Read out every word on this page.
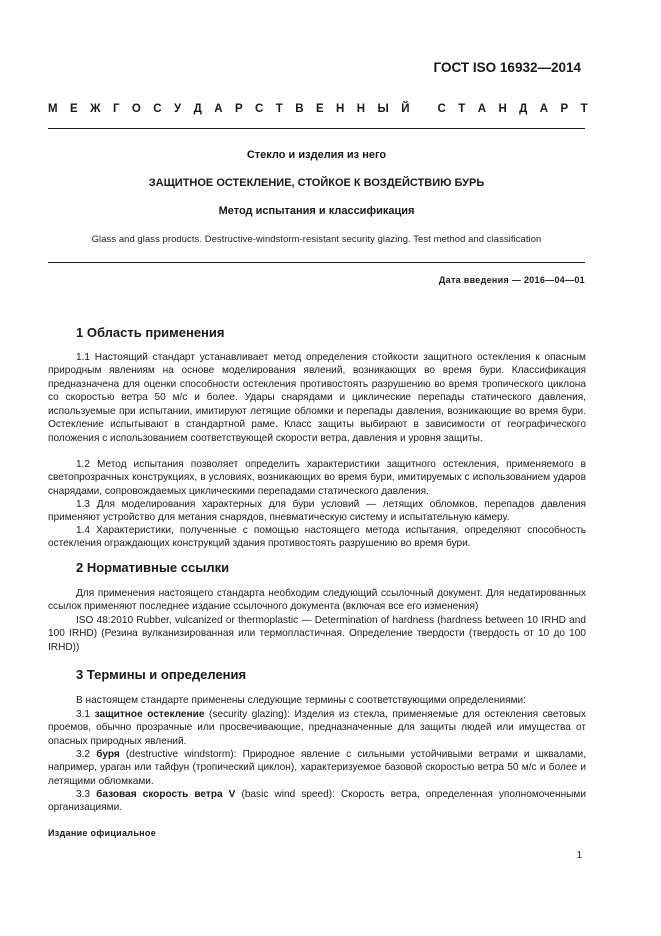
ГОСТ ISO 16932—2014
М Е Ж Г О С У Д А Р С Т В Е Н Н Ы Й
С Т А Н Д А Р Т
Стекло и изделия из него
ЗАЩИТНОЕ ОСТЕКЛЕНИЕ, СТОЙКОЕ К ВОЗДЕЙСТВИЮ БУРЬ
Метод испытания и классификация
Glass and glass products. Destructive-windstorm-resistant security glazing. Test method and classification
Дата введения — 2016—04—01
1 Область применения
1.1 Настоящий стандарт устанавливает метод определения стойкости защитного остекления к опасным природным явлениям на основе моделирования явлений, возникающих во время бури. Классификация предназначена для оценки способности остекления противостоять разрушению во время тропического циклона со скоростью ветра 50 м/с и более. Удары снарядами и циклические перепады статического давления, используемые при испытании, имитируют летящие обломки и перепады давления, возникающие во время бури. Остекление испытывают в стандартной раме. Класс защиты выбирают в зависимости от географического положения с использованием соответствующей скорости ветра, давления и уровня защиты.
1.2 Метод испытания позволяет определить характеристики защитного остекления, применяемого в светопрозрачных конструкциях, в условиях, возникающих во время бури, имитируемых с использованием ударов снарядами, сопровождаемых циклическими перепадами статического давления.
1.3 Для моделирования характерных для бури условий — летящих обломков, перепадов давления применяют устройство для метания снарядов, пневматическую систему и испытательную камеру.
1.4 Характеристики, полученные с помощью настоящего метода испытания, определяют способность остекления ограждающих конструкций здания противостоять разрушению во время бури.
2 Нормативные ссылки
Для применения настоящего стандарта необходим следующий ссылочный документ. Для недатированных ссылок применяют последнее издание ссылочного документа (включая все его изменения)
ISO 48:2010 Rubber, vulcanized or thermoplastic — Determination of hardness (hardness between 10 IRHD and 100 IRHD) (Резина вулканизированная или термопластичная. Определение твердости (твердость от 10 до 100 IRHD))
3 Термины и определения
В настоящем стандарте применены следующие термины с соответствующими определениями:
3.1 защитное остекление (security glazing): Изделия из стекла, применяемые для остекления световых проемов, обычно прозрачные или просвечивающие, предназначенные для защиты людей или имущества от опасных природных явлений.
3.2 буря (destructive windstorm): Природное явление с сильными устойчивыми ветрами и шквалами, например, ураган или тайфун (тропический циклон), характеризуемое базовой скоростью ветра 50 м/с и более и летящими обломками.
3.3 базовая скорость ветра V (basic wind speed): Скорость ветра, определенная уполномоченными организациями.
Издание официальное
1
